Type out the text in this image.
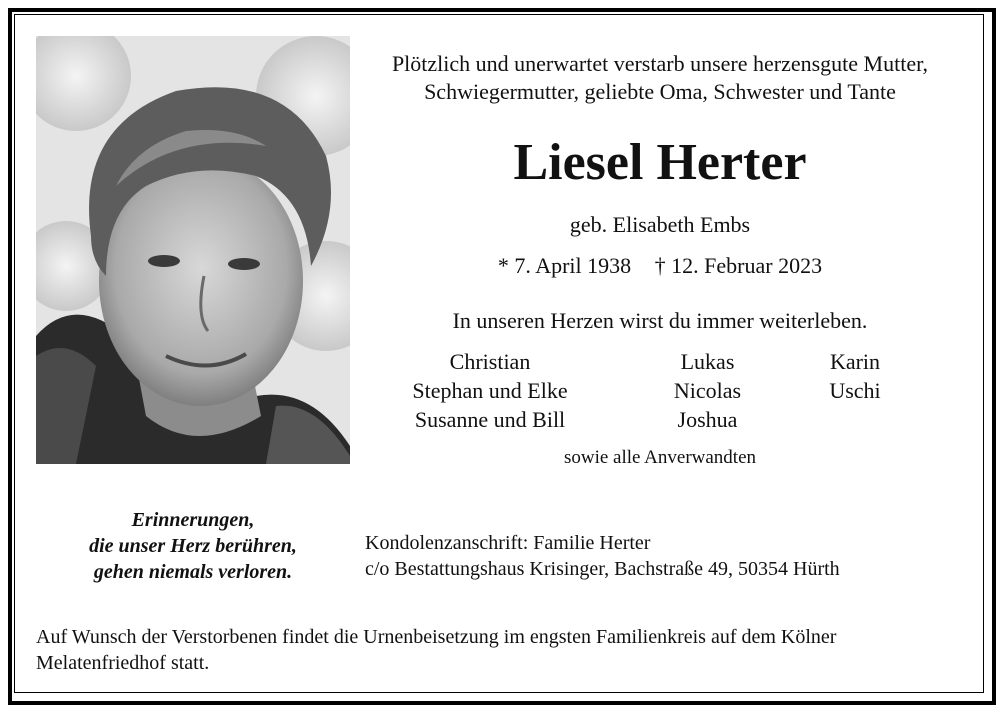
Plötzlich und unerwartet verstarb unsere herzensgute Mutter,
Schwiegermutter, geliebte Oma, Schwester und Tante
Liesel Herter
geb. Elisabeth Embs
* 7. April 1938 † 12. Februar 2023
In unseren Herzen wirst du immer weiterleben.
Christian
Stephan und Elke
Susanne und Bill
Lukas
Nicolas
Joshua
Karin
Uschi
sowie alle Anverwandten
Erinnerungen,
die unser Herz berühren,
gehen niemals verloren.
Kondolenzanschrift: Familie Herter
c/o Bestattungshaus Krisinger, Bachstraße 49, 50354 Hürth
Auf Wunsch der Verstorbenen findet die Urnenbeisetzung im engsten Familienkreis auf dem Kölner
Melatenfriedhof statt.
